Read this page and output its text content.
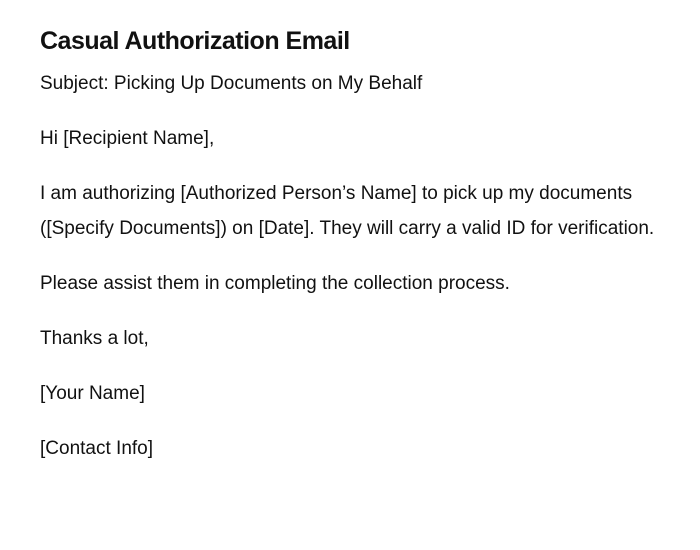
Casual Authorization Email

Subject: Picking Up Documents on My Behalf

Hi [Recipient Name],

I am authorizing [Authorized Person’s Name] to pick up my documents ([Specify Documents]) on [Date]. They will carry a valid ID for verification.

Please assist them in completing the collection process.

Thanks a lot,

[Your Name]

[Contact Info]
